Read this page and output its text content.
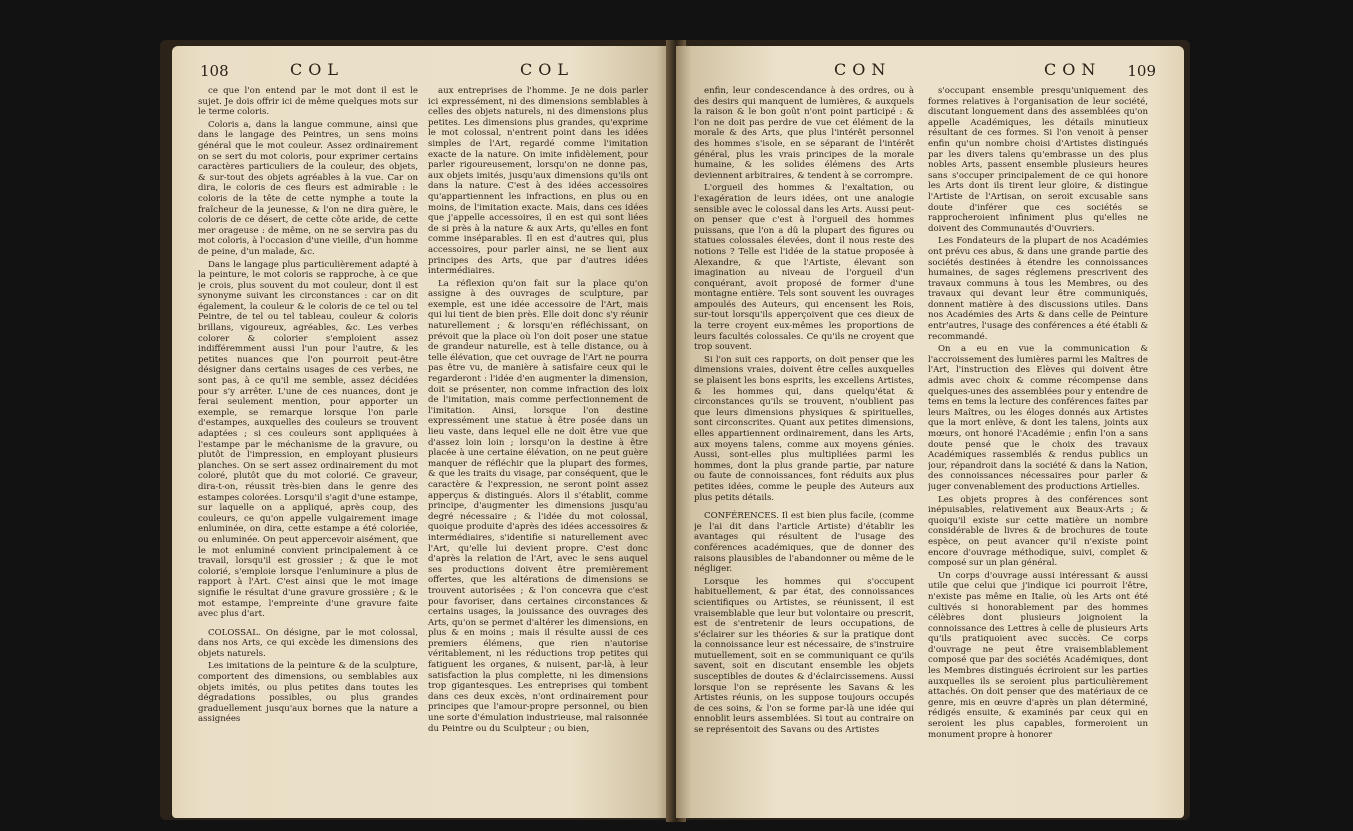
108	COL	COL

ce que l'on entend par le mot dont il est le sujet. Je dois offrir ici de même quelques mots sur le terme coloris.

Coloris a, dans la langue commune, ainsi que dans le langage des Peintres, un sens moins général que le mot couleur. Assez ordinairement on se sert du mot coloris, pour exprimer certains caractères particuliers de la couleur, des objets, & sur-tout des objets agréables à la vue. Car on dira, le coloris de ces fleurs est admirable : le coloris de la tête de cette nymphe a toute la fraîcheur de la jeunesse, & l'on ne dira guère, le coloris de ce désert, de cette côte aride, de cette mer orageuse : de même, on ne se servira pas du mot coloris, à l'occasion d'une vieille, d'un homme de peine, d'un malade, &c.

Dans le langage plus particulièrement adapté à la peinture, le mot coloris se rapproche, à ce que je crois, plus souvent du mot couleur, dont il est synonyme suivant les circonstances : car on dit également, la couleur & le coloris de ce tel ou tel Peintre, de tel ou tel tableau, couleur & coloris brillans, vigoureux, agréables, &c. Les verbes colorer & colorier s'emploient assez indifféremment aussi l'un pour l'autre, & les petites nuances que l'on pourroit peut-être désigner dans certains usages de ces verbes, ne sont pas, à ce qu'il me semble, assez décidées pour s'y arrêter. L'une de ces nuances, dont je ferai seulement mention, pour apporter un exemple, se remarque lorsque l'on parle d'estampes, auxquelles des couleurs se trouvent adaptées ; si ces couleurs sont appliquées à l'estampe par le méchanisme de la gravure, ou plutôt de l'impression, en employant plusieurs planches. On se sert assez ordinairement du mot coloré, plutôt que du mot colorié. Ce graveur, dira-t-on, réussit très-bien dans le genre des estampes colorées. Lorsqu'il s'agit d'une estampe, sur laquelle on a appliqué, après coup, des couleurs, ce qu'on appelle vulgairement image enluminée, on dira, cette estampe a été coloriée, ou enluminée. On peut appercevoir aisément, que le mot enluminé convient principalement à ce travail, lorsqu'il est grossier ; & que le mot colorié, s'emploie lorsque l'enluminure a plus de rapport à l'Art. C'est ainsi que le mot image signifie le résultat d'une gravure grossière ; & le mot estampe, l'empreinte d'une gravure faite avec plus d'art.

COLOSSAL. On désigne, par le mot colossal, dans nos Arts, ce qui excède les dimensions des objets naturels.

Les imitations de la peinture & de la sculpture, comportent des dimensions, ou semblables aux objets imités, ou plus petites dans toutes les dégradations possibles, ou plus grandes graduellement jusqu'aux bornes que la nature a assignées

aux entreprises de l'homme. Je ne dois parler ici expressément, ni des dimensions semblables à celles des objets naturels, ni des dimensions plus petites. Les dimensions plus grandes, qu'exprime le mot colossal, n'entrent point dans les idées simples de l'Art, regardé comme l'imitation exacte de la nature. On imite infidèlement, pour parler rigoureusement, lorsqu'on ne donne pas, aux objets imités, jusqu'aux dimensions qu'ils ont dans la nature. C'est à des idées accessoires qu'appartiennent les infractions, en plus ou en moins, de l'imitation exacte. Mais, dans ces idées que j'appelle accessoires, il en est qui sont liées de si près à la nature & aux Arts, qu'elles en font comme inséparables. Il en est d'autres qui, plus accessoires, pour parler ainsi, ne se lient aux principes des Arts, que par d'autres idées intermédiaires.

La réflexion qu'on fait sur la place qu'on assigne à des ouvrages de sculpture, par exemple, est une idée accessoire de l'Art, mais qui lui tient de bien près. Elle doit donc s'y réunir naturellement ; & lorsqu'en réfléchissant, on prévoit que la place où l'on doit poser une statue de grandeur naturelle, est à telle distance, ou à telle élévation, que cet ouvrage de l'Art ne pourra pas être vu, de manière à satisfaire ceux qui le regarderont : l'idée d'en augmenter la dimension, doit se présenter, non comme infraction des loix de l'imitation, mais comme perfectionnement de l'imitation. Ainsi, lorsque l'on destine expressément une statue à être posée dans un lieu vaste, dans lequel elle ne doit être vue que d'assez loin loin ; lorsqu'on la destine à être placée à une certaine élévation, on ne peut guère manquer de réfléchir que la plupart des formes, & que les traits du visage, par conséquent, que le caractère & l'expression, ne seront point assez apperçus & distingués. Alors il s'établit, comme principe, d'augmenter les dimensions jusqu'au degré nécessaire ; & l'idée du mot colossal, quoique produite d'après des idées accessoires & intermédiaires, s'identifie si naturellement avec l'Art, qu'elle lui devient propre. C'est donc d'après la relation de l'Art, avec le sens auquel ses productions doivent être premièrement offertes, que les altérations de dimensions se trouvent autorisées ; & l'on concevra que c'est pour favoriser, dans certaines circonstances & certains usages, la jouissance des ouvrages des Arts, qu'on se permet d'altérer les dimensions, en plus & en moins ; mais il résulte aussi de ces premiers élémens, que rien n'autorise véritablement, ni les réductions trop petites qui fatiguent les organes, & nuisent, par-là, à leur satisfaction la plus complette, ni les dimensions trop gigantesques. Les entreprises qui tombent dans ces deux excès, n'ont ordinairement pour principes que l'amour-propre personnel, ou bien une sorte d'émulation industrieuse, mal raisonnée du Peintre ou du Sculpteur ; ou bien,

CON	CON 109

enfin, leur condescendance à des ordres, ou à des desirs qui manquent de lumières, & auxquels la raison & le bon goût n'ont point participé : & l'on ne doit pas perdre de vue cet élément de la morale & des Arts, que plus l'intérêt personnel des hommes s'isole, en se séparant de l'intérêt général, plus les vrais principes de la morale humaine, & les solides élémens des Arts deviennent arbitraires, & tendent à se corrompre.

L'orgueil des hommes & l'exaltation, ou l'exagération de leurs idées, ont une analogie sensible avec le colossal dans les Arts. Aussi peut-on penser que c'est à l'orgueil des hommes puissans, que l'on a dû la plupart des figures ou statues colossales élevées, dont il nous reste des notions ? Telle est l'idée de la statue proposée à Alexandre, & que l'Artiste, élevant son imagination au niveau de l'orgueil d'un conquérant, avoit proposé de former d'une montagne entière. Tels sont souvent les ouvrages ampoulés des Auteurs, qui encensent les Rois, sur-tout lorsqu'ils apperçoivent que ces dieux de la terre croyent eux-mêmes les proportions de leurs facultés colossales. Ce qu'ils ne croyent que trop souvent.

Si l'on suit ces rapports, on doit penser que les dimensions vraies, doivent être celles auxquelles se plaisent les bons esprits, les excellens Artistes, & les hommes qui, dans quelqu'état & circonstances qu'ils se trouvent, n'oublient pas que leurs dimensions physiques & spirituelles, sont circonscrites. Quant aux petites dimensions, elles appartiennent ordinairement, dans les Arts, aux moyens talens, comme aux moyens génies. Aussi, sont-elles plus multipliées parmi les hommes, dont la plus grande partie, par nature ou faute de connoissances, font réduits aux plus petites idées, comme le peuple des Auteurs aux plus petits détails.

CONFÉRENCES. Il est bien plus facile, (comme je l'ai dit dans l'article Artiste) d'établir les avantages qui résultent de l'usage des conférences académiques, que de donner des raisons plausibles de l'abandonner ou même de le négliger.

Lorsque les hommes qui s'occupent habituellement, & par état, des connoissances scientifiques ou Artistes, se réunissent, il est vraisemblable que leur but volontaire ou prescrit, est de s'entretenir de leurs occupations, de s'éclairer sur les théories & sur la pratique dont la connoissance leur est nécessaire, de s'instruire mutuellement, soit en se communiquant ce qu'ils savent, soit en discutant ensemble les objets susceptibles de doutes & d'éclaircissemens. Aussi lorsque l'on se représente les Savans & les Artistes réunis, on les suppose toujours occupés de ces soins, & l'on se forme par-là une idée qui ennoblit leurs assemblées. Si tout au contraire on se représentoit des Savans ou des Artistes

s'occupant ensemble presqu'uniquement des formes relatives à l'organisation de leur société, discutant longuement dans des assemblées qu'on appelle Académiques, les détails minutieux résultant de ces formes. Si l'on venoit à penser enfin qu'un nombre choisi d'Artistes distingués par les divers talens qu'embrasse un des plus nobles Arts, passent ensemble plusieurs heures sans s'occuper principalement de ce qui honore les Arts dont ils tirent leur gloire, & distingue l'Artiste de l'Artisan, on seroit excusable sans doute d'inférer que ces sociétés se rapprocheroient infiniment plus qu'elles ne doivent des Communautés d'Ouvriers.

Les Fondateurs de la plupart de nos Académies ont prévu ces abus, & dans une grande partie des sociétés destinées à étendre les connoissances humaines, de sages réglemens prescrivent des travaux communs à tous les Membres, ou des travaux qui devant leur être communiqués, donnent matière à des discussions utiles. Dans nos Académies des Arts & dans celle de Peinture entr'autres, l'usage des conférences a été établi & recommandé.

On a eu en vue la communication & l'accroissement des lumières parmi les Maîtres de l'Art, l'instruction des Elèves qui doivent être admis avec choix & comme récompense dans quelques-unes des assemblées pour y entendre de tems en tems la lecture des conférences faites par leurs Maîtres, ou les éloges donnés aux Artistes que la mort enlève, & dont les talens, joints aux mœurs, ont honoré l'Académie ; enfin l'on a sans doute pensé que le choix des travaux Académiques rassemblés & rendus publics un jour, répandroit dans la société & dans la Nation, des connoissances nécessaires pour parler & juger convenablement des productions Artielles.

Les objets propres à des conférences sont inépuisables, relativement aux Beaux-Arts ; & quoiqu'il existe sur cette matière un nombre considérable de livres & de brochures de toute espèce, on peut avancer qu'il n'existe point encore d'ouvrage méthodique, suivi, complet & composé sur un plan général.

Un corps d'ouvrage aussi intéressant & aussi utile que celui que j'indique ici pourroit l'être, n'existe pas même en Italie, où les Arts ont été cultivés si honorablement par des hommes célèbres dont plusieurs joignoient la connoissance des Lettres à celle de plusieurs Arts qu'ils pratiquoient avec succès. Ce corps d'ouvrage ne peut être vraisemblablement composé que par des sociétés Académiques, dont les Membres distingués écriroient sur les parties auxquelles ils se seroient plus particulièrement attachés. On doit penser que des matériaux de ce genre, mis en œuvre d'après un plan déterminé, rédigés ensuite, & examinés par ceux qui en seroient les plus capables, formeroient un monument propre à honorer
